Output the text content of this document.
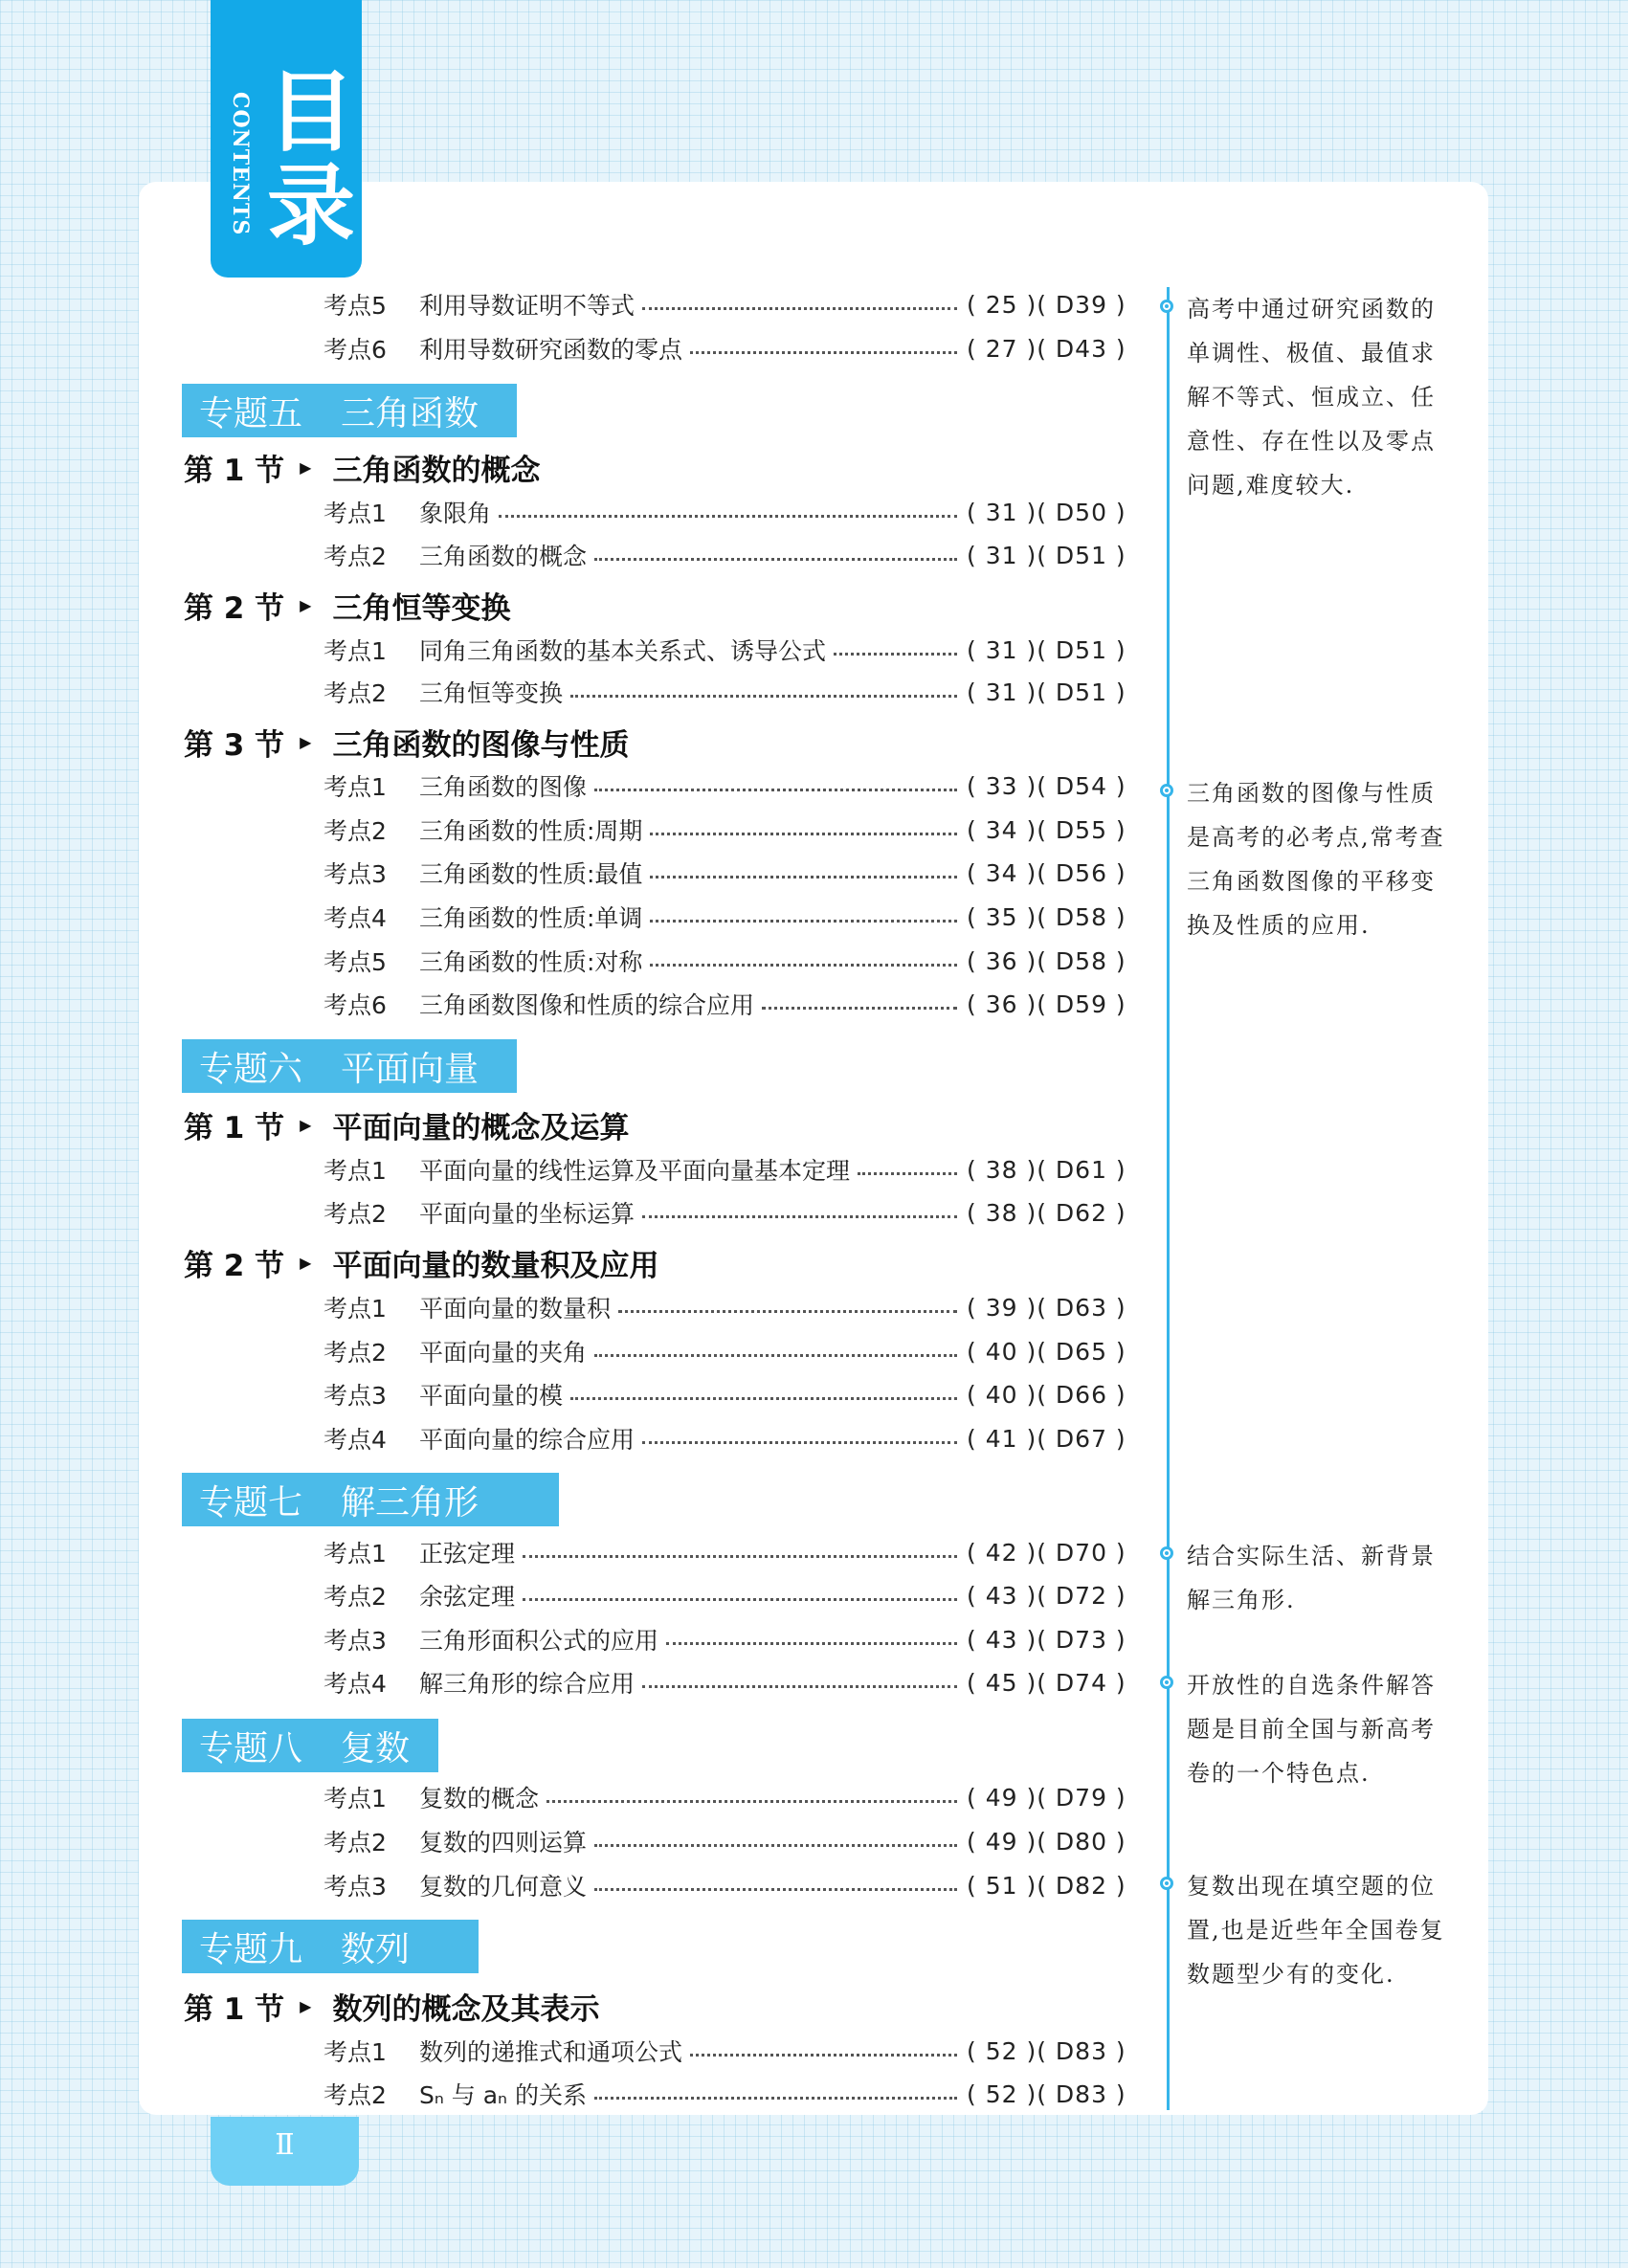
CONTENTS 目录
考点5	利用导数证明不等式	( 25 )( D39 )
考点6	利用导数研究函数的零点	( 27 )( D43 )
专题五 三角函数
第 1 节 ▶ 三角函数的概念
考点1	象限角	( 31 )( D50 )
考点2	三角函数的概念	( 31 )( D51 )
第 2 节 ▶ 三角恒等变换
考点1	同角三角函数的基本关系式、诱导公式	( 31 )( D51 )
考点2	三角恒等变换	( 31 )( D51 )
第 3 节 ▶ 三角函数的图像与性质
考点1	三角函数的图像	( 33 )( D54 )
考点2	三角函数的性质:周期	( 34 )( D55 )
考点3	三角函数的性质:最值	( 34 )( D56 )
考点4	三角函数的性质:单调	( 35 )( D58 )
考点5	三角函数的性质:对称	( 36 )( D58 )
考点6	三角函数图像和性质的综合应用	( 36 )( D59 )
专题六 平面向量
第 1 节 ▶ 平面向量的概念及运算
考点1	平面向量的线性运算及平面向量基本定理	( 38 )( D61 )
考点2	平面向量的坐标运算	( 38 )( D62 )
第 2 节 ▶ 平面向量的数量积及应用
考点1	平面向量的数量积	( 39 )( D63 )
考点2	平面向量的夹角	( 40 )( D65 )
考点3	平面向量的模	( 40 )( D66 )
考点4	平面向量的综合应用	( 41 )( D67 )
专题七 解三角形
考点1	正弦定理	( 42 )( D70 )
考点2	余弦定理	( 43 )( D72 )
考点3	三角形面积公式的应用	( 43 )( D73 )
考点4	解三角形的综合应用	( 45 )( D74 )
专题八 复数
考点1	复数的概念	( 49 )( D79 )
考点2	复数的四则运算	( 49 )( D80 )
考点3	复数的几何意义	( 51 )( D82 )
专题九 数列
第 1 节 ▶ 数列的概念及其表示
考点1	数列的递推式和通项公式	( 52 )( D83 )
考点2	Sₙ 与 aₙ 的关系	( 52 )( D83 )
高考中通过研究函数的单调性、极值、最值求解不等式、恒成立、任意性、存在性以及零点问题,难度较大.
三角函数的图像与性质是高考的必考点,常考查三角函数图像的平移变换及性质的应用.
结合实际生活、新背景解三角形.
开放性的自选条件解答题是目前全国与新高考卷的一个特色点.
复数出现在填空题的位置,也是近些年全国卷复数题型少有的变化.
Ⅱ
